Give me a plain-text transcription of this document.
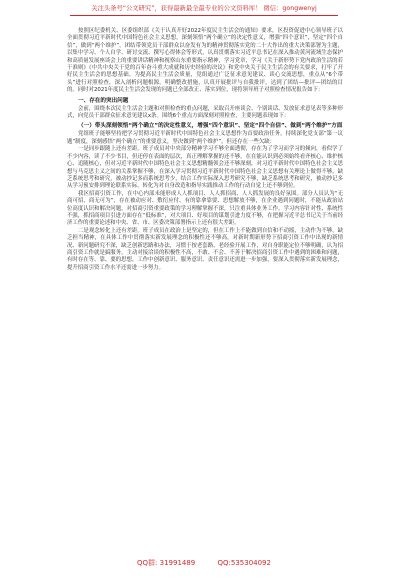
关注头条号“公文研究”，获得最新最全最专业的公文资料库！ 微信：gongwenyj

按照区纪委机关、区委组织部《关于认真开好2022年度民主生活会的通知》要求，区投资促进中心领导班子以全面贯彻习近平新时代中国特色社会主义思想，深刻领悟“两个确立”的决定性意义，增强“四个意识”，坚定“四个自信”，做到“两个维护”。团结带领党员干部群众以奋发有为的精神贯彻落实党的二十大作出的重大决策部署为主题，以集中学习、个人自学、研讨交流、撰写心得体会等形式，认真贯彻落实习近平总书记在深入推动黄河流域生态保护和高质量发展座谈会上的重要讲话精神和视察山东重要指示精神，学习党章，学习《关于新形势下党内政治生活的若干准则》《中共中央关于党的百年奋斗重大成就和历史经验的决议》和党中央关于民主生活会的有关要求，打牢了开好民主生活会的思想基础。为提高民主生活会质量，党组通过广泛征求意见建议、谈心交流思想，重点从“6个带头”进行对照检查，深入剖析问题根源，明确整改措施，认真开展批评与自我批评，达到了团结—批评—团结的目的。同时对2021年度民主生活会发现的问题已全部改正、落实到位，现将领导班子对照检查情况报告如下：

一、存在的突出问题

会前，围绕本次民主生活会主题和对照检查的重点问题，采取召开座谈会、个别谈话、发放征求意见表等多种形式，向党员干部群众征求意见建议x条。围绕6个重点方面深刻对照检查，主要问题表现如下：

（一）带头深刻领悟“两个确立”的决定性意义，增强“四个意识”、坚定“四个自信”、做到“两个维护”方面

党组班子能够坚持把学习贯彻习近平新时代中国特色社会主义思想作为首要政治任务，持续深化党支部“第一议题”制度，深刻感悟“两个确立”的重要意义，坚决做到“两个维护”，但还存在一些欠缺：

一是同步跟随上还有差距。班子成员对中央部分精神学习不够全面透彻，存在为了学习而学习的倾向，看似学了不少内容，读了不少书目，但还停在表面的层次，真正理解掌握的还不够，在在能认识到必须始终看齐核心、维护核心、追随核心，但对习近平新时代中国特色社会主义思想精髓领会还不够深刻，对习近平新时代中国特色社会主义思想与马克思主义之间的关系掌握不够，在深入学习贯彻习近平新时代中国特色社会主义思想有关理论上做得不够，缺乏系统思考和研究，被动抄记多而系统思考少，结合工作实际深入思考研究不够，缺乏系统思考和研究，被动抄记多从学习预安排到理论联系实际，转化为对自身改造和指导实践推动工作的行动自觉上还不够到位。

我区招商引资工作，在中心内部未能形成人人抓项目、人人抓招商、人人抓发展的良好氛围。部分人员认为“无商可招，商无可为”，存在被动应对、敷衍应付、有的靠拿靠要、思想解放不够，在企业遇到问题时，不能从政治站位高度认识和解决问题，对招商引资重要政策的学习理解掌握不深，只注重具体业务工作，学习内容针对性、系统性不强，抓招商项目引进方面存在“低标准”，对大项目、好项目的谋划引进力度不够，在把握习近平总书记关于当前经济工作的重要论述和中央、省、市、区委决策部署指示上还有很大差距。

二是观念转化上还有差距。班子成员在政治上是坚定的，但在工作上不能做到自信和不动摇，主动作为不够，缺乏担当精神，在具体工作中贯彻落实新发展理念的积极性还不够高，对新时期新形势下招商引资工作中出现的新情况、新问题研究不深，缺乏创新思路和办法，习惯于按老套路、老经验开展工作，对自身职能定位不够明确，认为招商引资工作就是搞服务，主动对接洽谈的积极性不高，不敢、不会、不善于解决招商引资工作中遇到的困难和问题，有时存在等、靠、要的思想，工作中创新意识、服务意识、责任意识还需进一步加强，要深入贯彻落实新发展理念，提升招商引资工作水平还需进一步努力。

QQ群: 31991489	QQ:535304092
